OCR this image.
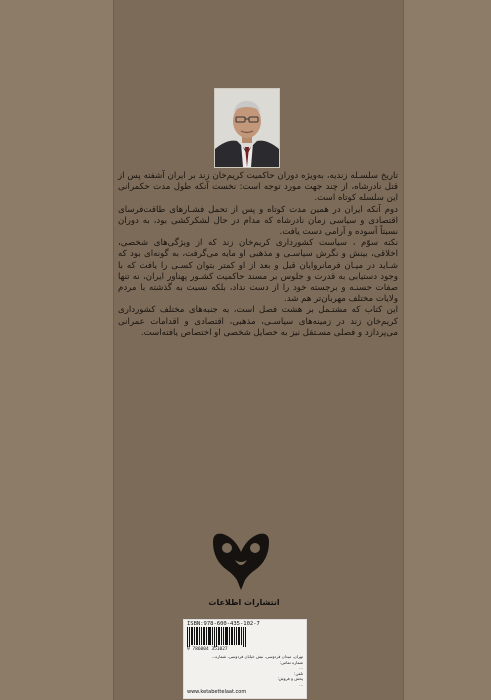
تاریخ سلسـله زندیه، به‌ویژه دوران حاکمیت کریم‌خان زند بر ایران آشفته پس از قتل نادرشاه، از چند جهت مورد توجه است: نخست آنکه طول مدت حکمرانی این سلسله کوتاه است.

دوم آنکه ایران در همین مدت کوتاه و پس از تحمل فشـارهای طاقت‌فرسای اقتصادی و سیاسی زمان نادرشاه که مدام در حال لشکرکشی بود، به دوران نسبتاً آسوده و آرامی دست یافت.

نکته سوّم ، سیاست کشورداری کریم‌خان زند که از ویژگی‌های شخصی، اخلاقی، بینش و نگرش سیاسـی و مذهبی او مایه می‌گرفت، به گونه‌ای بود که شـاید در میـان فرمانروایان قبل و بعد از او کمتر بتوان کسـی را یافت که با وجود دستیابی به قدرت و جلوس بر مسند حاکمیت کشـور پهناور ایران، نه تنها صفات حسنـه و برجسته خود را از دست نداد، بلکه نسبت به گذشته با مردم ولایات مختلف مهربان‌تر هم شد.

این کتاب که مشتـمل بر هشت فصل است، به جنبه‌های مختلف کشورداری کریم‌خان زند در زمینه‌های سیاسـی، مذهبی، اقتصادی و اقدامات عمرانی می‌پردازد و فصلی مسـتقل نیز به خصایل شخصی او اختصاص یافته‌است.

انتشارات اطلاعات
ISBN:978-600-435-102-7
9 786004 351027
تهران، میدان فردوسی، نبش خیابان فردوسی، شماره...
شماره تماس:
...
تلفن:
پخش و فروش:
...
www.ketabettelaat.com
